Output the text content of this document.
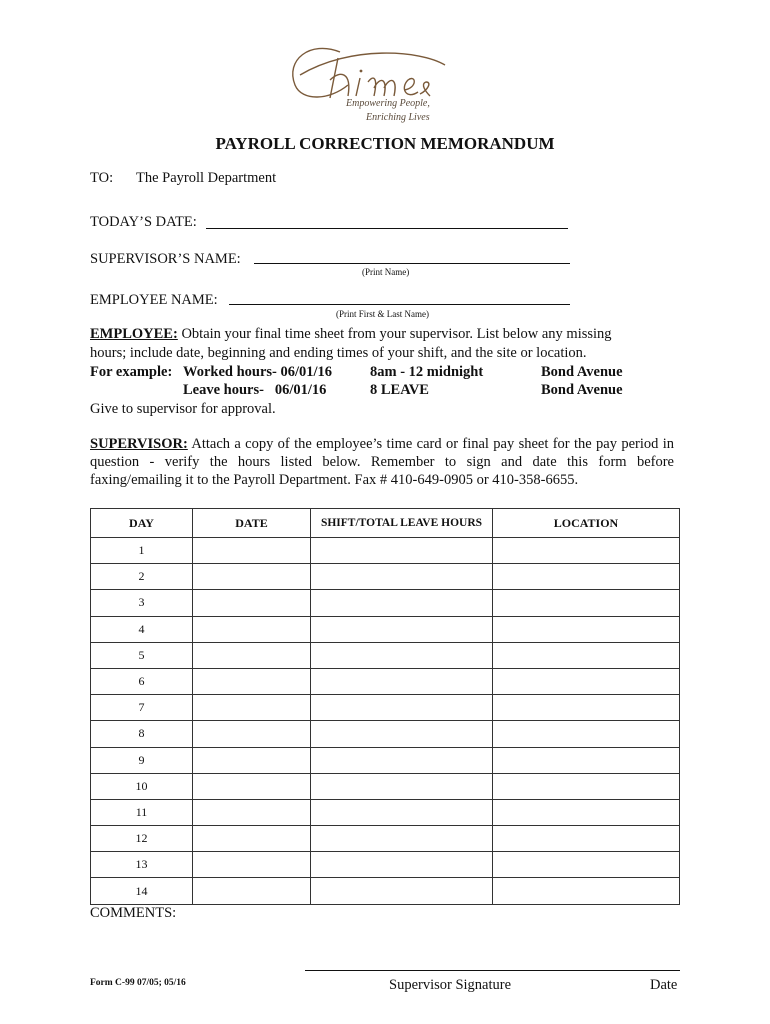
Empowering People,
Enriching Lives
PAYROLL CORRECTION MEMORANDUM
TO: The Payroll Department
TODAY’S DATE:
SUPERVISOR’S NAME:
(Print Name)
EMPLOYEE NAME:
(Print First & Last Name)
EMPLOYEE: Obtain your final time sheet from your supervisor. List below any missing
hours; include date, beginning and ending times of your shift, and the site or location.
For example: Worked hours- 06/01/16	8am - 12 midnight	Bond Avenue
Leave hours-   06/01/16	8 LEAVE	Bond Avenue
Give to supervisor for approval.
SUPERVISOR: Attach a copy of the employee’s time card or final pay sheet for the pay period in question - verify the hours listed below. Remember to sign and date this form before faxing/emailing it to the Payroll Department. Fax # 410-649-0905 or 410-358-6655.
DAY	DATE	SHIFT/TOTAL LEAVE HOURS	LOCATION
1			
2			
3			
4			
5			
6			
7			
8			
9			
10			
11			
12			
13			
14			
COMMENTS:
Form C-99 07/05; 05/16	Supervisor Signature	Date
